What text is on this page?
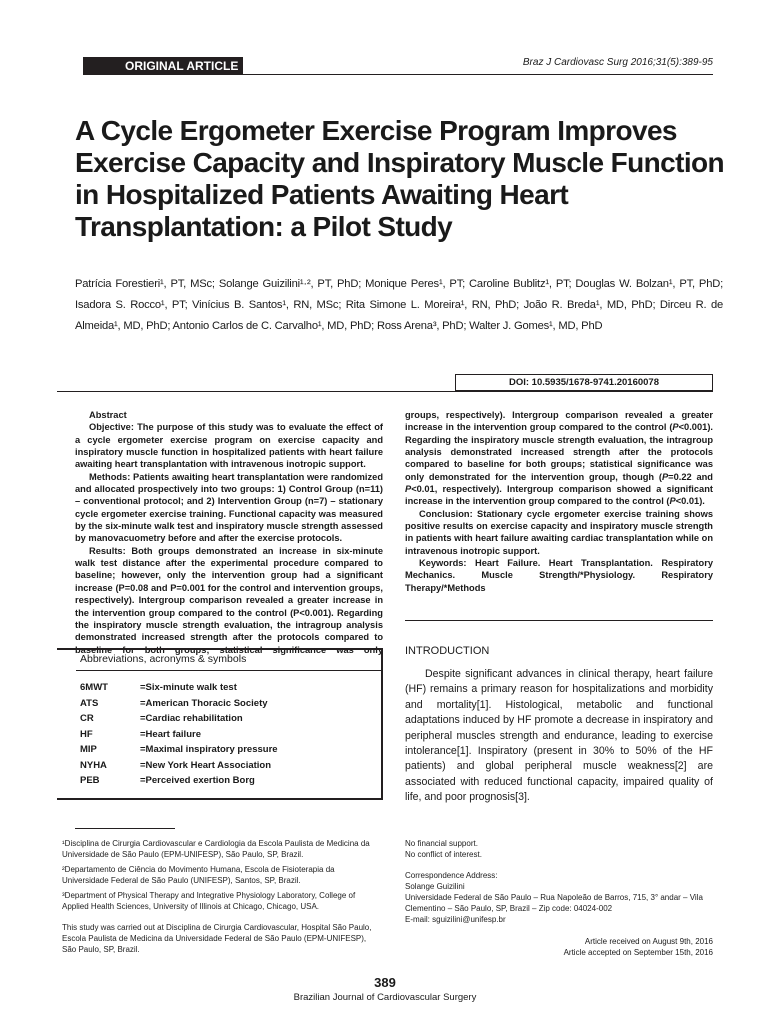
ORIGINAL ARTICLE	Braz J Cardiovasc Surg 2016;31(5):389-95
A Cycle Ergometer Exercise Program Improves Exercise Capacity and Inspiratory Muscle Function in Hospitalized Patients Awaiting Heart Transplantation: a Pilot Study

Patrícia Forestieri¹, PT, MSc; Solange Guizilini¹·², PT, PhD; Monique Peres¹, PT; Caroline Bublitz¹, PT; Douglas W. Bolzan¹, PT, PhD; Isadora S. Rocco¹, PT; Vinícius B. Santos¹, RN, MSc; Rita Simone L. Moreira¹, RN, PhD; João R. Breda¹, MD, PhD; Dirceu R. de Almeida¹, MD, PhD; Antonio Carlos de C. Carvalho¹, MD, PhD; Ross Arena³, PhD; Walter J. Gomes¹, MD, PhD

DOI: 10.5935/1678-9741.20160078

Abstract

Objective: The purpose of this study was to evaluate the effect of a cycle ergometer exercise program on exercise capacity and inspiratory muscle function in hospitalized patients with heart failure awaiting heart transplantation with intravenous inotropic support.

Methods: Patients awaiting heart transplantation were randomized and allocated prospectively into two groups: 1) Control Group (n=11) – conventional protocol; and 2) Intervention Group (n=7) – stationary cycle ergometer exercise training. Functional capacity was measured by the six-minute walk test and inspiratory muscle strength assessed by manovacuometry before and after the exercise protocols.

Results: Both groups demonstrated an increase in six-minute walk test distance after the experimental procedure compared to baseline; however, only the intervention group had a significant increase (P=0.08 and P=0.001 for the control and intervention groups, respectively). Intergroup comparison revealed a greater increase in the intervention group compared to the control (P<0.001). Regarding the inspiratory muscle strength evaluation, the intragroup analysis demonstrated increased strength after the protocols compared to baseline for both groups; statistical significance was only

groups, respectively). Intergroup comparison revealed a greater increase in the intervention group compared to the control (P<0.001). Regarding the inspiratory muscle strength evaluation, the intragroup analysis demonstrated increased strength after the protocols compared to baseline for both groups; statistical significance was only demonstrated for the intervention group, though (P=0.22 and P<0.01, respectively). Intergroup comparison showed a significant increase in the intervention group compared to the control (P<0.01).

Conclusion: Stationary cycle ergometer exercise training shows positive results on exercise capacity and inspiratory muscle strength in patients with heart failure awaiting cardiac transplantation while on intravenous inotropic support.

Keywords: Heart Failure. Heart Transplantation. Respiratory Mechanics. Muscle Strength/*Physiology. Respiratory Therapy/*Methods

Abbreviations, acronyms & symbols
6MWT	=Six-minute walk test
ATS	=American Thoracic Society
CR	=Cardiac rehabilitation
HF	=Heart failure
MIP	=Maximal inspiratory pressure
NYHA	=New York Heart Association
PEB	=Perceived exertion Borg
INTRODUCTION

Despite significant advances in clinical therapy, heart failure (HF) remains a primary reason for hospitalizations and morbidity and mortality[1]. Histological, metabolic and functional adaptations induced by HF promote a decrease in inspiratory and peripheral muscles strength and endurance, leading to exercise intolerance[1]. Inspiratory (present in 30% to 50% of the HF patients) and global peripheral muscle weakness[2] are associated with reduced functional capacity, impaired quality of life, and poor prognosis[3].

¹Disciplina de Cirurgia Cardiovascular e Cardiologia da Escola Paulista de Medicina da Universidade de São Paulo (EPM-UNIFESP), São Paulo, SP, Brazil.

²Departamento de Ciência do Movimento Humana, Escola de Fisioterapia da Universidade Federal de São Paulo (UNIFESP), Santos, SP, Brazil.

³Department of Physical Therapy and Integrative Physiology Laboratory, College of Applied Health Sciences, University of Illinois at Chicago, Chicago, USA.

This study was carried out at Disciplina de Cirurgia Cardiovascular, Hospital São Paulo, Escola Paulista de Medicina da Universidade Federal de São Paulo (EPM-UNIFESP), São Paulo, SP, Brazil.

No financial support.

No conflict of interest.

Correspondence Address:

Solange Guizilini

Universidade Federal de São Paulo – Rua Napoleão de Barros, 715, 3° andar – Vila Clementino – São Paulo, SP, Brazil – Zip code: 04024-002

E-mail: sguizilini@unifesp.br

Article received on August 9th, 2016
Article accepted on September 15th, 2016
389
Brazilian Journal of Cardiovascular Surgery
